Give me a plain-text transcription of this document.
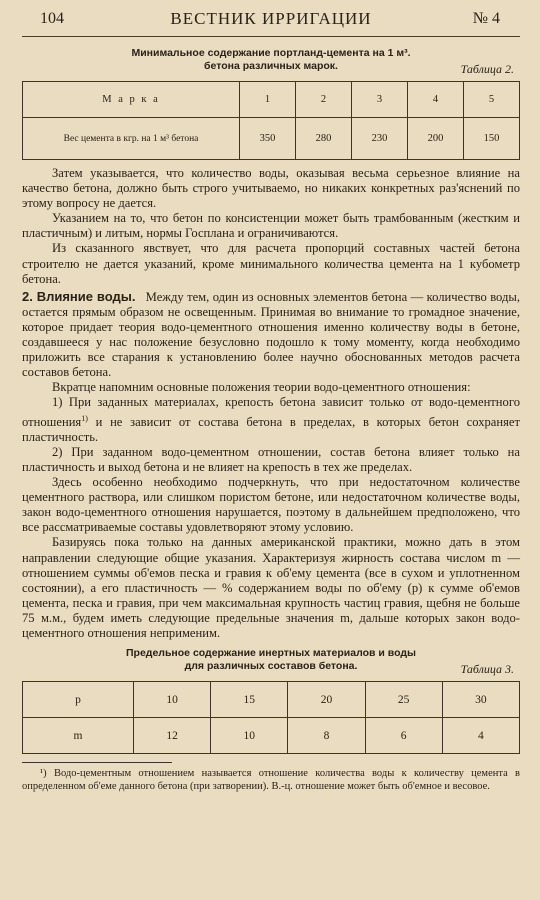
104	ВЕСТНИК ИРРИГАЦИИ	№ 4
Минимальное содержание портланд-цемента на 1 м³.
бетона различных марок.	Таблица 2.
М а р к а	1	2	3	4	5
Вес цемента в кгр. на 1 м³ бетона	350	280	230	200	150

Затем указывается, что количество воды, оказывая весьма серьезное влияние на качество бетона, должно быть строго учитываемо, но никаких конкретных раз'яснений по этому вопросу не дается.

Указанием на то, что бетон по консистенции может быть трамбованным (жестким и пластичным) и литым, нормы Госплана и ограничиваются.

Из сказанного явствует, что для расчета пропорций составных частей бетона строителю не дается указаний, кроме минимального количества цемента на 1 кубометр бетона.

2. Влияние воды. Между тем, один из основных элементов бетона — количество воды, остается прямым образом не освещенным. Принимая во внимание то громадное значение, которое придает теория водо-цементного отношения именно количеству воды в бетоне, создавшееся у нас положение безусловно подошло к тому моменту, когда необходимо приложить все старания к установлению более научно обоснованных методов расчета составов бетона.

Вкратце напомним основные положения теории водо-цементного отношения:

1) При заданных материалах, крепость бетона зависит только от водо-цементного отношения$^{1)}$ и не зависит от состава бетона в пределах, в которых бетон сохраняет пластичность.

2) При заданном водо-цементном отношении, состав бетона влияет только на пластичность и выход бетона и не влияет на крепость в тех же пределах.

Здесь особенно необходимо подчеркнуть, что при недостаточном количестве цементного раствора, или слишком пористом бетоне, или недостаточном количестве воды, закон водо-цементного отношения нарушается, поэтому в дальнейшем предположено, что все рассматриваемые составы удовлетворяют этому условию.

Базируясь пока только на данных американской практики, можно дать в этом направлении следующие общие указания. Характеризуя жирность состава числом m — отношением суммы об'емов песка и гравия к об'ему цемента (все в сухом и уплотненном состоянии), а его пластичность — % содержанием воды по об'ему (p) к сумме об'емов цемента, песка и гравия, при чем максимальная крупность частиц гравия, щебня не больше 75 м.м., будем иметь следующие предельные значения m, дальше которых закон водо-цементного отношения неприменим.

Предельное содержание инертных материалов и воды
для различных составов бетона.	Таблица 3.
p	10	15	20	25	30
m	12	10	8	6	4

¹) Водо-цементным отношением называется отношение количества воды к количеству цемента в определенном об'еме данного бетона (при затворении). В.-ц. отношение может быть об'емное и весовое.
